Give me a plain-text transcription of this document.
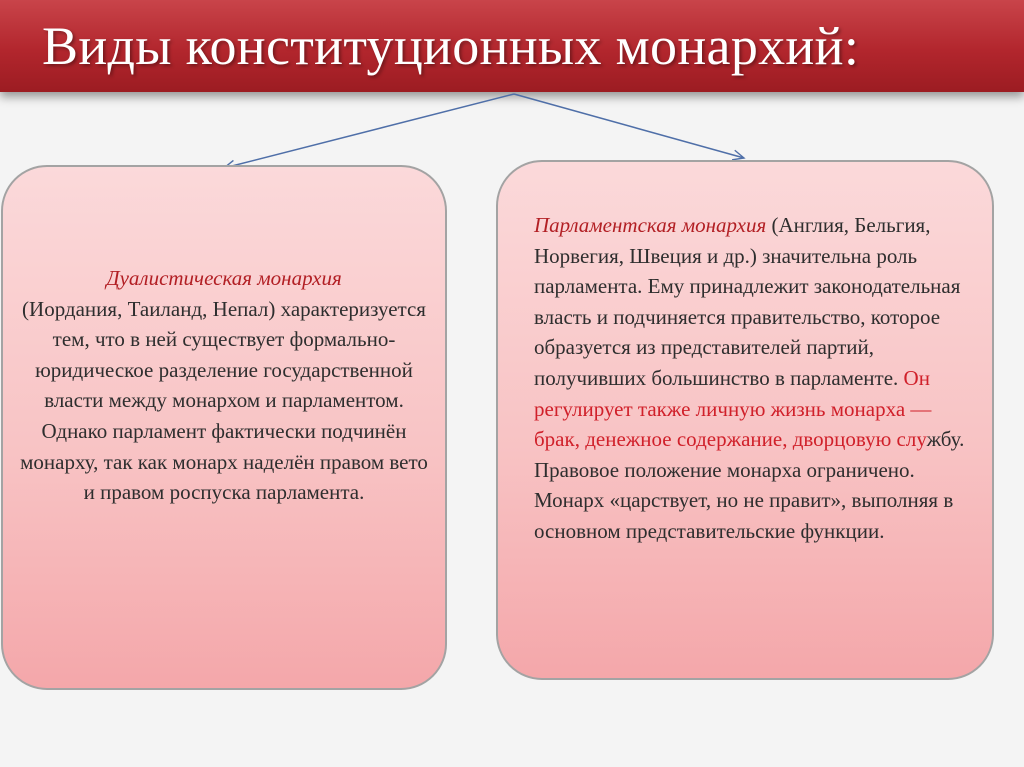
Виды конституционных монархий:
Дуалистическая монархия
(Иордания, Таиланд, Непал) характеризуется тем, что в ней существует формально-юридическое разделение государственной власти между монархом и парламентом. Однако парламент фактически подчинён монарху, так как монарх наделён правом вето и правом роспуска парламента.
Парламентская монархия (Англия, Бельгия, Норвегия, Швеция и др.) значительна роль парламента. Ему принадлежит законодательная власть и подчиняется правительство, которое образуется из представителей партий, получивших большинство в парламенте. Он регулирует также личную жизнь монарха — брак, денежное содержание, дворцовую службу. Правовое положение монарха ограничено. Монарх «царствует, но не правит», выполняя в основном представительские функции.
